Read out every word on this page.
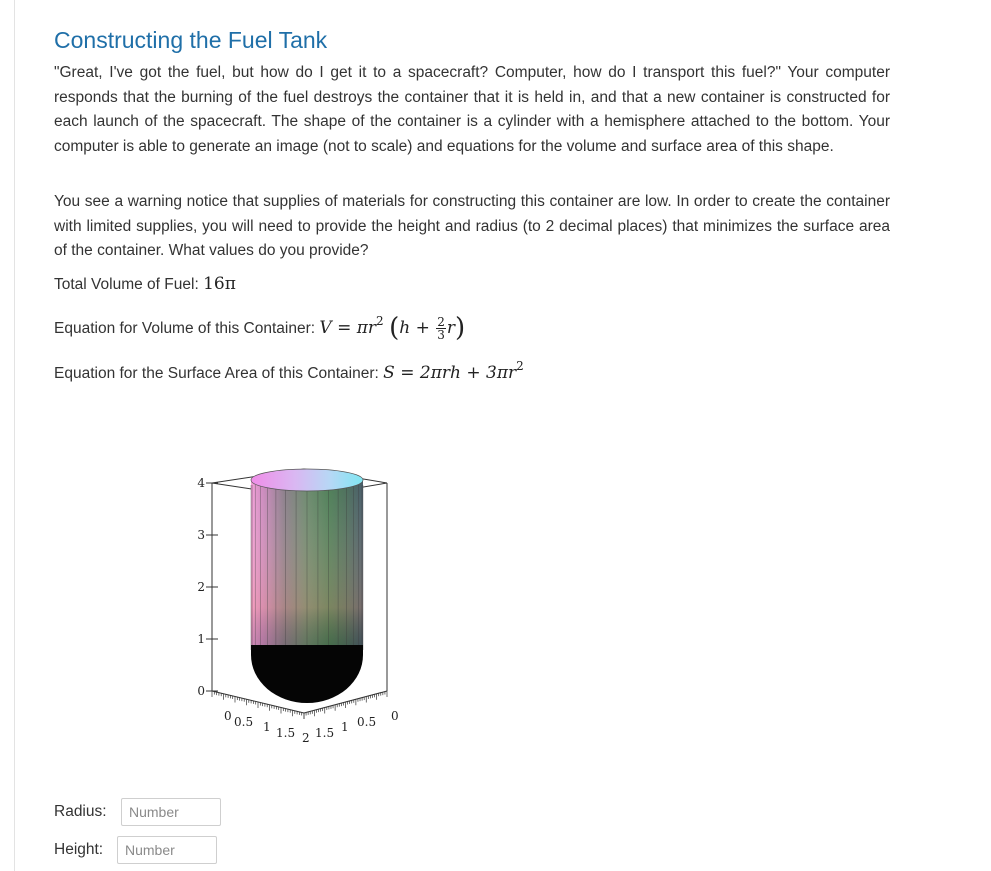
Constructing the Fuel Tank

"Great, I've got the fuel, but how do I get it to a spacecraft? Computer, how do I transport this fuel?" Your computer responds that the burning of the fuel destroys the container that it is held in, and that a new container is constructed for each launch of the spacecraft. The shape of the container is a cylinder with a hemisphere attached to the bottom. Your computer is able to generate an image (not to scale) and equations for the volume and surface area of this shape.

You see a warning notice that supplies of materials for constructing this container are low. In order to create the container with limited supplies, you will need to provide the height and radius (to 2 decimal places) that minimizes the surface area of the container. What values do you provide?

Total Volume of Fuel: 16π
Equation for Volume of this Container: $V = \pi r^2$ $(h + \frac{2}{3} r)$
Equation for the Surface Area of this Container: $S = 2\pi rh + 3\pi r^2$
0
1
2
3
4
0 0.5 1 1.5 2 1.5 1 0.5 0
Radius:
Number
Height:
Number
